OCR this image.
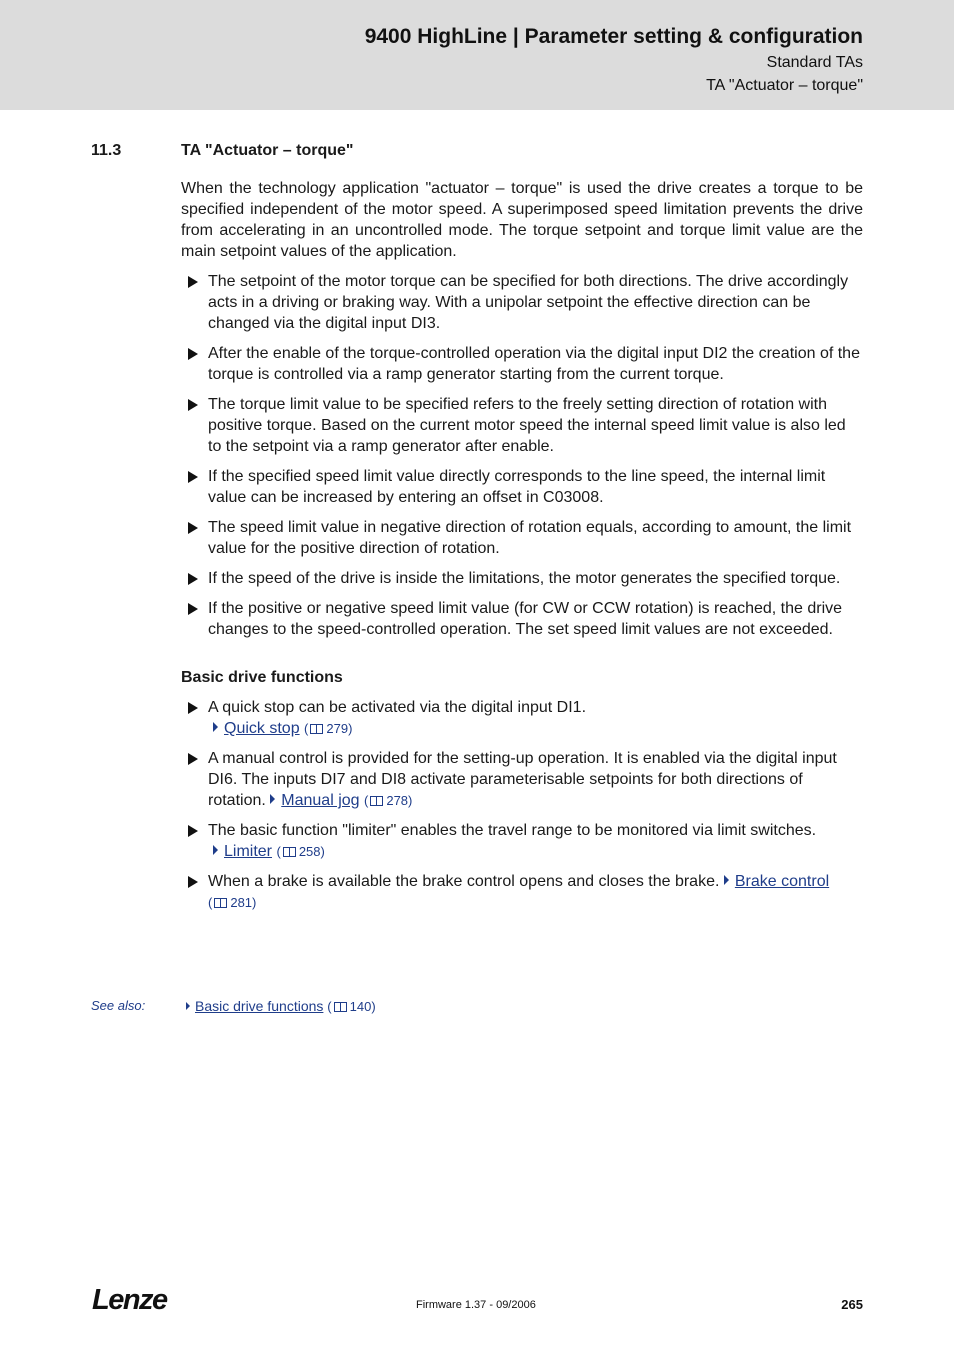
9400 HighLine | Parameter setting & configuration
Standard TAs
TA "Actuator – torque"
11.3	TA "Actuator – torque"

When the technology application "actuator – torque" is used the drive creates a torque to be specified independent of the motor speed. A superimposed speed limitation prevents the drive from accelerating in an uncontrolled mode. The torque setpoint and torque limit value are the main setpoint values of the application.

The setpoint of the motor torque can be specified for both directions. The drive accordingly acts in a driving or braking way. With a unipolar setpoint the effective direction can be changed via the digital input DI3.
After the enable of the torque-controlled operation via the digital input DI2 the creation of the torque is controlled via a ramp generator starting from the current torque.
The torque limit value to be specified refers to the freely setting direction of rotation with positive torque. Based on the current motor speed the internal speed limit value is also led to the setpoint via a ramp generator after enable.
If the specified speed limit value directly corresponds to the line speed, the internal limit value can be increased by entering an offset in C03008.
The speed limit value in negative direction of rotation equals, according to amount, the limit value for the positive direction of rotation.
If the speed of the drive is inside the limitations, the motor generates the specified torque.
If the positive or negative speed limit value (for CW or CCW rotation) is reached, the drive changes to the speed-controlled operation. The set speed limit values are not exceeded.
Basic drive functions
A quick stop can be activated via the digital input DI1.
Quick stop ( 279)
A manual control is provided for the setting-up operation. It is enabled via the digital input DI6. The inputs DI7 and DI8 activate parameterisable setpoints for both directions of rotation. Manual jog ( 278)
The basic function "limiter" enables the travel range to be monitored via limit switches.
Limiter ( 258)
When a brake is available the brake control opens and closes the brake. Brake control
( 281)
See also:	Basic drive functions ( 140)
Lenze	Firmware 1.37 - 09/2006	265
